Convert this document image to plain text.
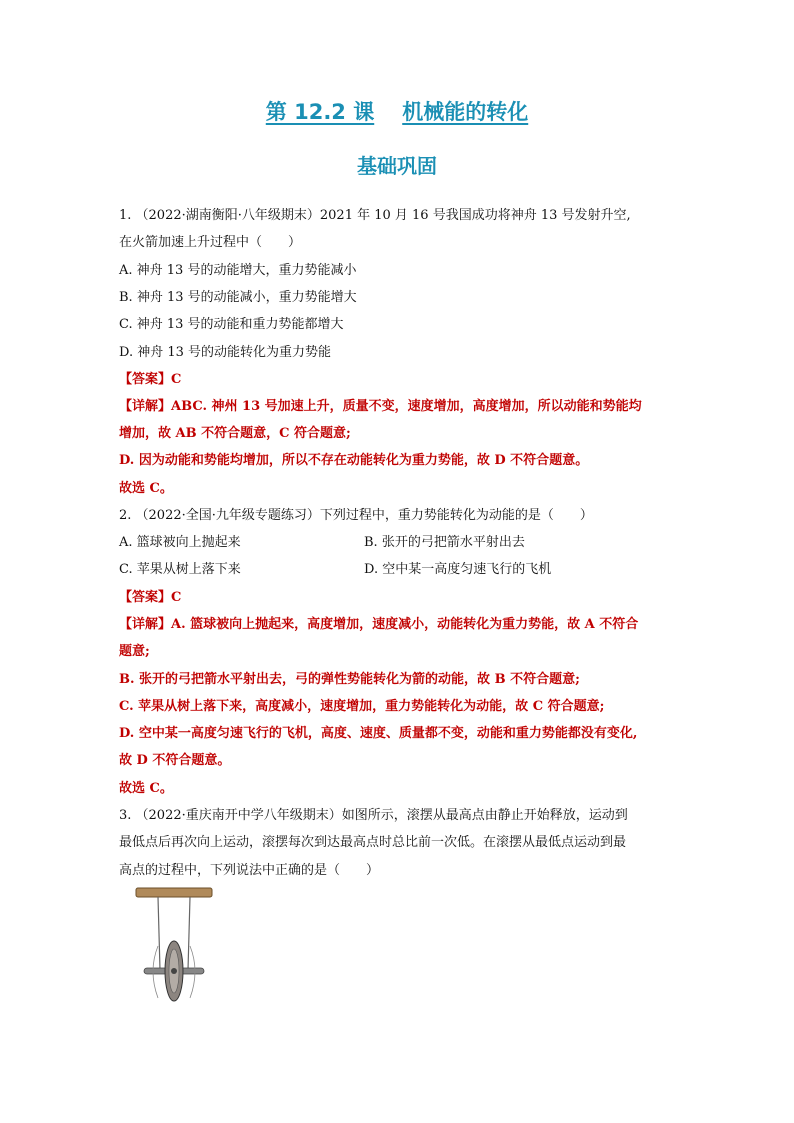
第 12.2 课 机械能的转化
基础巩固
1. （2022·湖南衡阳·八年级期末）2021 年 10 月 16 号我国成功将神舟 13 号发射升空,
在火箭加速上升过程中（　　）
A. 神舟 13 号的动能增大，重力势能减小
B. 神舟 13 号的动能减小，重力势能增大
C. 神舟 13 号的动能和重力势能都增大
D. 神舟 13 号的动能转化为重力势能
【答案】C
【详解】ABC. 神州 13 号加速上升，质量不变，速度增加，高度增加，所以动能和势能均
增加，故 AB 不符合题意，C 符合题意;
D. 因为动能和势能均增加，所以不存在动能转化为重力势能，故 D 不符合题意。
故选 C。
2. （2022·全国·九年级专题练习）下列过程中，重力势能转化为动能的是（　　）
A. 篮球被向上抛起来	B. 张开的弓把箭水平射出去
C. 苹果从树上落下来	D. 空中某一高度匀速飞行的飞机
【答案】C
【详解】A. 篮球被向上抛起来，高度增加，速度减小，动能转化为重力势能，故 A 不符合
题意;
B. 张开的弓把箭水平射出去，弓的弹性势能转化为箭的动能，故 B 不符合题意;
C. 苹果从树上落下来，高度减小，速度增加，重力势能转化为动能，故 C 符合题意;
D. 空中某一高度匀速飞行的飞机，高度、速度、质量都不变，动能和重力势能都没有变化,
故 D 不符合题意。
故选 C。
3. （2022·重庆南开中学八年级期末）如图所示，滚摆从最高点由静止开始释放，运动到
最低点后再次向上运动，滚摆每次到达最高点时总比前一次低。在滚摆从最低点运动到最
高点的过程中，下列说法中正确的是（　　）
